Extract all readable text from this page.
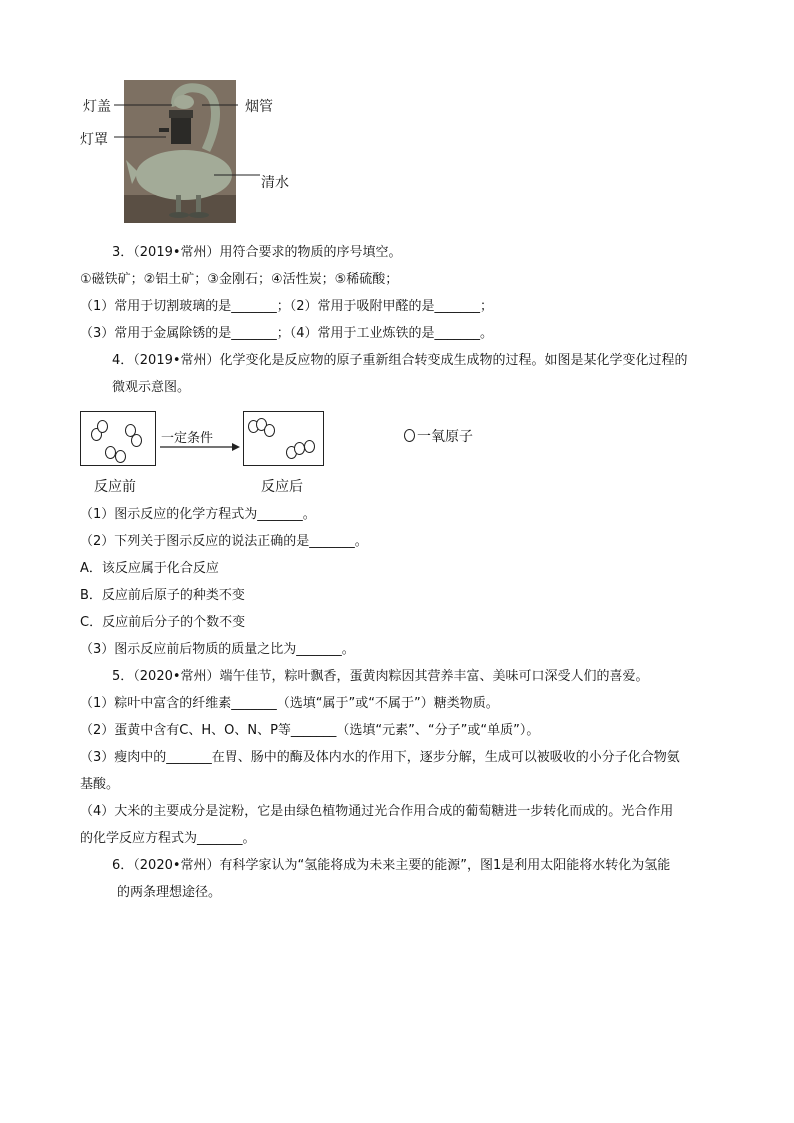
灯盖
灯罩
烟管
清水
3．（2019•常州）用符合要求的物质的序号填空。
①磁铁矿；②铝土矿；③金刚石；④活性炭；⑤稀硫酸；
（1）常用于切割玻璃的是_______；（2）常用于吸附甲醛的是_______；
（3）常用于金属除锈的是_______；（4）常用于工业炼铁的是_______。
4．（2019•常州）化学变化是反应物的原子重新组合转变成生成物的过程。如图是某化学变化过程的
微观示意图。
一定条件	一氧原子
反应前	反应后
（1）图示反应的化学方程式为_______。
（2）下列关于图示反应的说法正确的是_______。
A．该反应属于化合反应
B．反应前后原子的种类不变
C．反应前后分子的个数不变
（3）图示反应前后物质的质量之比为_______。
5．（2020•常州）端午佳节，粽叶飘香，蛋黄肉粽因其营养丰富、美味可口深受人们的喜爱。
（1）粽叶中富含的纤维素_______（选填“属于”或“不属于”）糖类物质。
（2）蛋黄中含有C、H、O、N、P等_______（选填“元素”、“分子”或“单质”）。
（3）瘦肉中的_______在胃、肠中的酶及体内水的作用下，逐步分解，生成可以被吸收的小分子化合物氨
基酸。
（4）大米的主要成分是淀粉，它是由绿色植物通过光合作用合成的葡萄糖进一步转化而成的。光合作用
的化学反应方程式为_______。
6．（2020•常州）有科学家认为“氢能将成为未来主要的能源”，图1是利用太阳能将水转化为氢能
的两条理想途径。
